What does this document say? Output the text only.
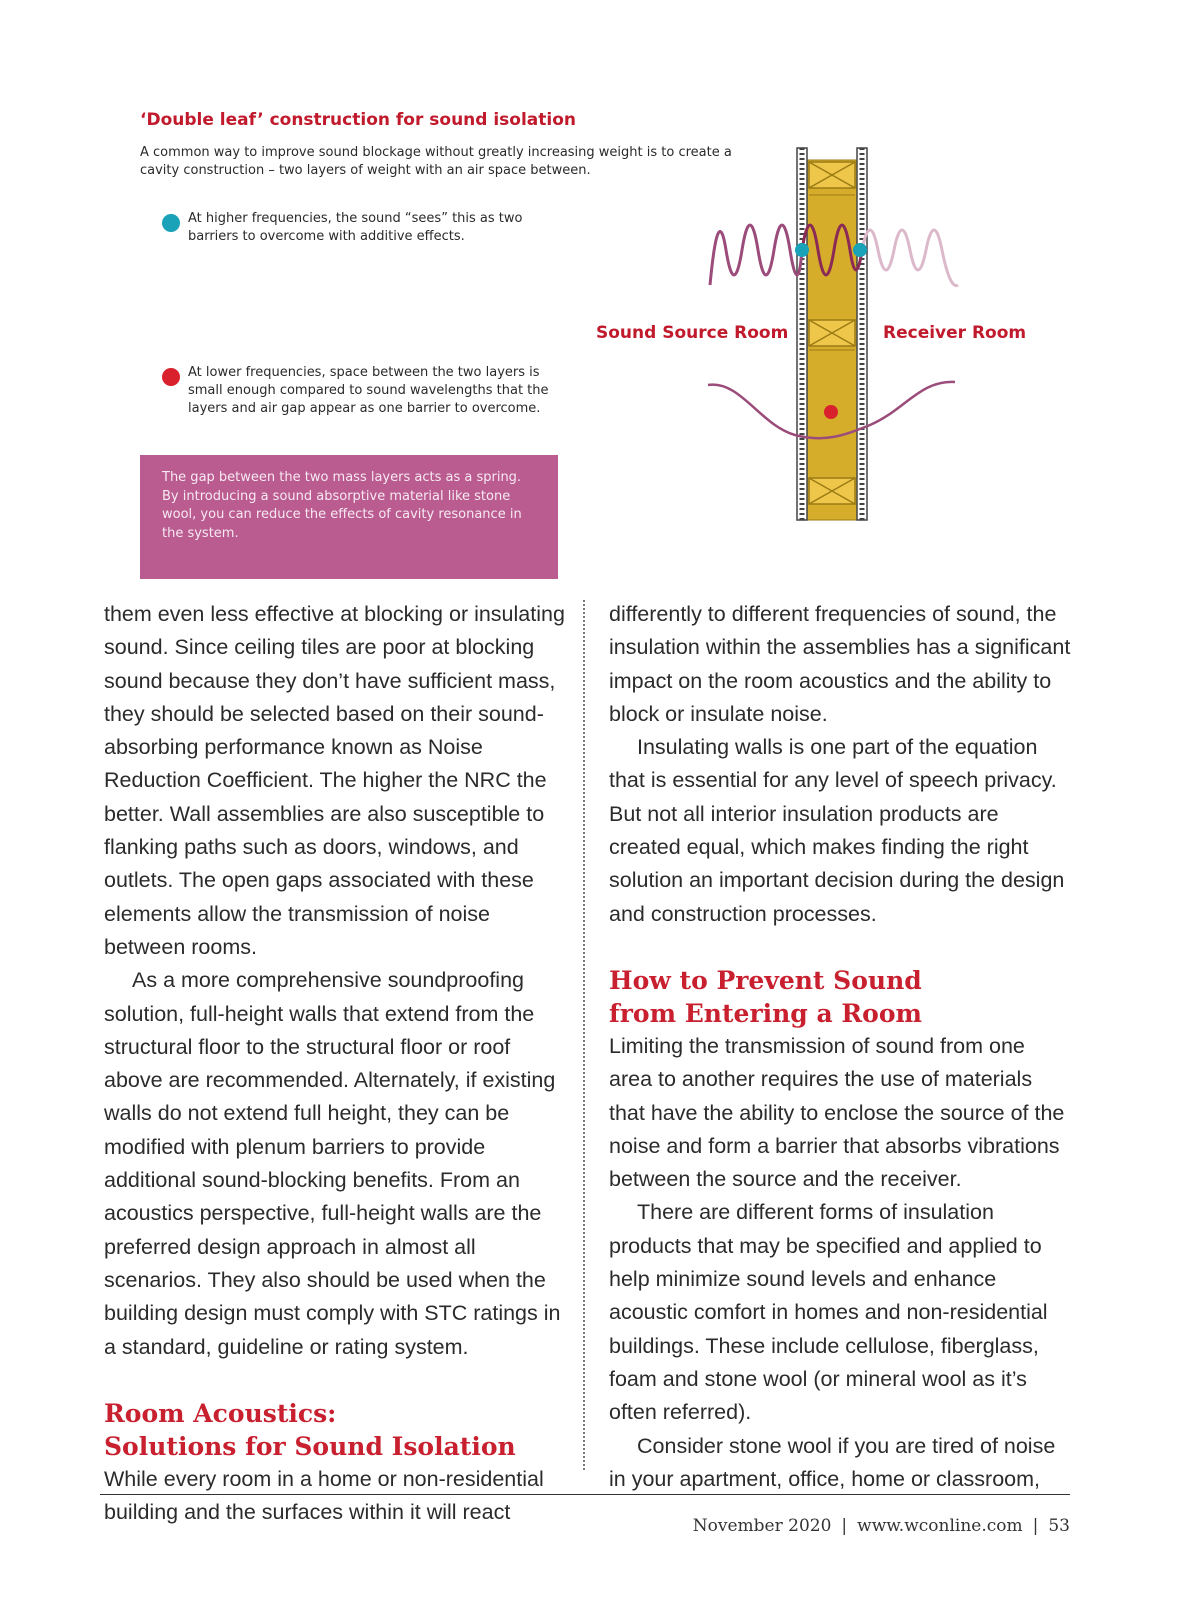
‘Double leaf’ construction for sound isolation
A common way to improve sound blockage without greatly increasing weight is to create a cavity construction – two layers of weight with an air space between.
At higher frequencies, the sound “sees” this as two barriers to overcome with additive effects.
At lower frequencies, space between the two layers is small enough compared to sound wavelengths that the layers and air gap appear as one barrier to overcome.

The gap between the two mass layers acts as a spring. By introducing a sound absorptive material like stone wool, you can reduce the effects of cavity resonance in the system.

Sound Source Room	Receiver Room

them even less effective at blocking or insulating sound. Since ceiling tiles are poor at blocking sound because they don’t have sufficient mass, they should be selected based on their sound-absorbing performance known as Noise Reduction Coefficient. The higher the NRC the better. Wall assemblies are also susceptible to flanking paths such as doors, windows, and outlets. The open gaps associated with these elements allow the transmission of noise between rooms.

As a more comprehensive soundproofing solution, full-height walls that extend from the structural floor to the structural floor or roof above are recommended. Alternately, if existing walls do not extend full height, they can be modified with plenum barriers to provide additional sound-blocking benefits. From an acoustics perspective, full-height walls are the preferred design approach in almost all scenarios. They also should be used when the building design must comply with STC ratings in a standard, guideline or rating system.

Room Acoustics:
Solutions for Sound Isolation

While every room in a home or non-residential building and the surfaces within it will react

differently to different frequencies of sound, the insulation within the assemblies has a significant impact on the room acoustics and the ability to block or insulate noise.

Insulating walls is one part of the equation that is essential for any level of speech privacy. But not all interior insulation products are created equal, which makes finding the right solution an important decision during the design and construction processes.

How to Prevent Sound
from Entering a Room

Limiting the transmission of sound from one area to another requires the use of materials that have the ability to enclose the source of the noise and form a barrier that absorbs vibrations between the source and the receiver.

There are different forms of insulation products that may be specified and applied to help minimize sound levels and enhance acoustic comfort in homes and non-residential buildings. These include cellulose, fiberglass, foam and stone wool (or mineral wool as it’s often referred).

Consider stone wool if you are tired of noise in your apartment, office, home or classroom,

November 2020 | www.wconline.com | 53
